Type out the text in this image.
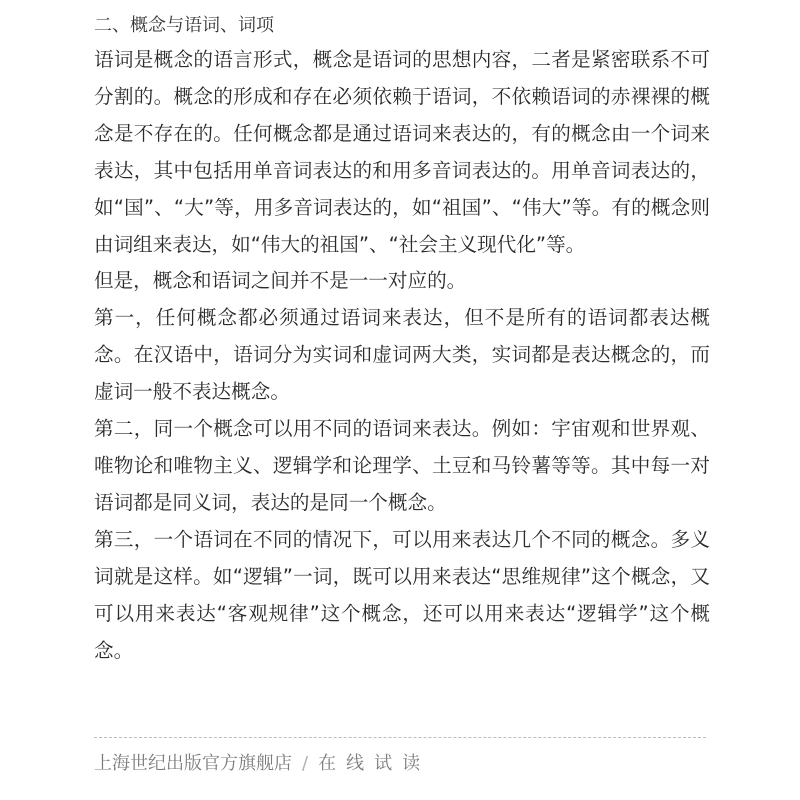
二、概念与语词、词项

语词是概念的语言形式，概念是语词的思想内容，二者是紧密联系不可分割的。概念的形成和存在必须依赖于语词，不依赖语词的赤裸裸的概念是不存在的。任何概念都是通过语词来表达的，有的概念由一个词来表达，其中包括用单音词表达的和用多音词表达的。用单音词表达的，如“国”、“大”等，用多音词表达的，如“祖国”、“伟大”等。有的概念则由词组来表达，如“伟大的祖国”、“社会主义现代化”等。

但是，概念和语词之间并不是一一对应的。

第一，任何概念都必须通过语词来表达，但不是所有的语词都表达概念。在汉语中，语词分为实词和虚词两大类，实词都是表达概念的，而虚词一般不表达概念。

第二，同一个概念可以用不同的语词来表达。例如：宇宙观和世界观、唯物论和唯物主义、逻辑学和论理学、土豆和马铃薯等等。其中每一对语词都是同义词，表达的是同一个概念。

第三，一个语词在不同的情况下，可以用来表达几个不同的概念。多义词就是这样。如“逻辑”一词，既可以用来表达“思维规律”这个概念，又可以用来表达“客观规律”这个概念，还可以用来表达“逻辑学”这个概念。

上海世纪出版官方旗舰店 / 在线试读
